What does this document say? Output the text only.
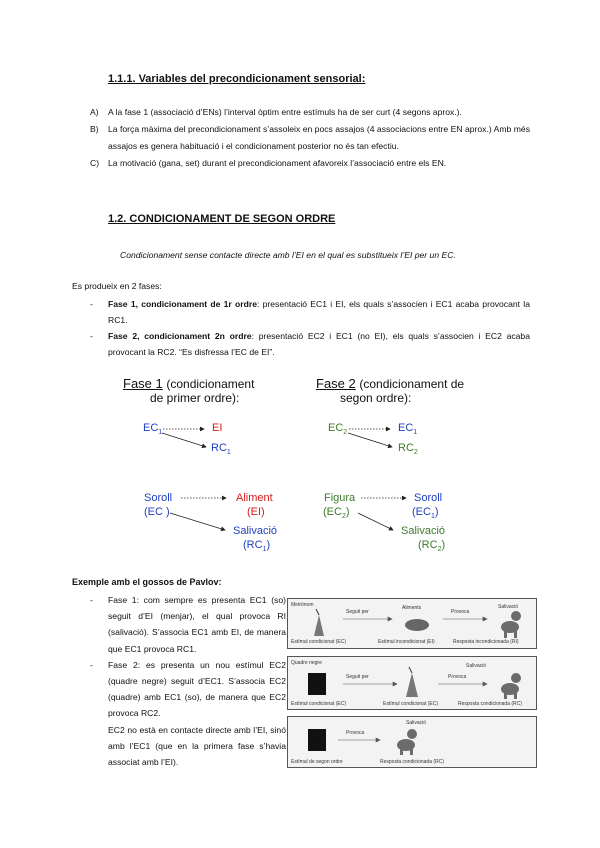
1.1.1. Variables del precondicionament sensorial:
A)	A la fase 1 (associació d’ENs) l’interval òptim entre estímuls ha de ser curt (4 segons aprox.).
B)	La força màxima del precondicionament s’assoleix en pocs assajos (4 associacions entre EN aprox.) Amb més assajos es genera habituació i el condicionament posterior no és tan efectiu.
C)	La motivació (gana, set) durant el precondicionament afavoreix l’associació entre els EN.
1.2. CONDICIONAMENT DE SEGON ORDRE
Condicionament sense contacte directe amb l’EI en el qual es substitueix l’EI per un EC.
Es produeix en 2 fases:
-	Fase 1, condicionament de 1r ordre: presentació EC1 i EI, els quals s’associen i EC1 acaba provocant la RC1.
-	Fase 2, condicionament 2n ordre: presentació EC2 i EC1 (no EI), els quals s’associen i EC2 acaba provocant la RC2. “Es disfressa l’EC de EI”.
Fase 1 (condicionament
de primer ordre):
Fase 2 (condicionament de
segon ordre):
$EC_1$	EI
$RC_1$
$EC_2$	$EC_1$
$RC_2$
Soroll
(EC )
Aliment
(EI)
Salivació
$(RC_1)$
Figura
$(EC_2)$
Soroll
$(EC_1)$
Salivació
$(RC_2)$
Exemple amb el gossos de Pavlov:
-	Fase 1: com sempre es presenta EC1 (so) seguit d’EI (menjar), el qual provoca RI (salivació). S’associa EC1 amb EI, de manera que EC1 provoca RC1.
-	Fase 2: es presenta un nou estímul EC2 (quadre negre) seguit d’EC1. S’associa EC2 (quadre) amb EC1 (so), de manera que EC2 provoca RC2.
EC2 no està en contacte directe amb l’EI, sinó amb l’EC1 (que en la primera fase s’havia associat amb l’EI).
Metrònom
Seguit per
Aliments
Provoca
Salivació
Estímul condicionat (EC)	Estímul incondicionat (EI)	Resposta incondicionada (RI)
Quadre negre
Seguit per	Provoca
Salivació
Estímul condicionat (EC)	Estímul condicionat (EC)	Resposta condicionada (RC)
Provoca
Salivació
Estímul de segon ordre	Resposta condicionada (RC)
